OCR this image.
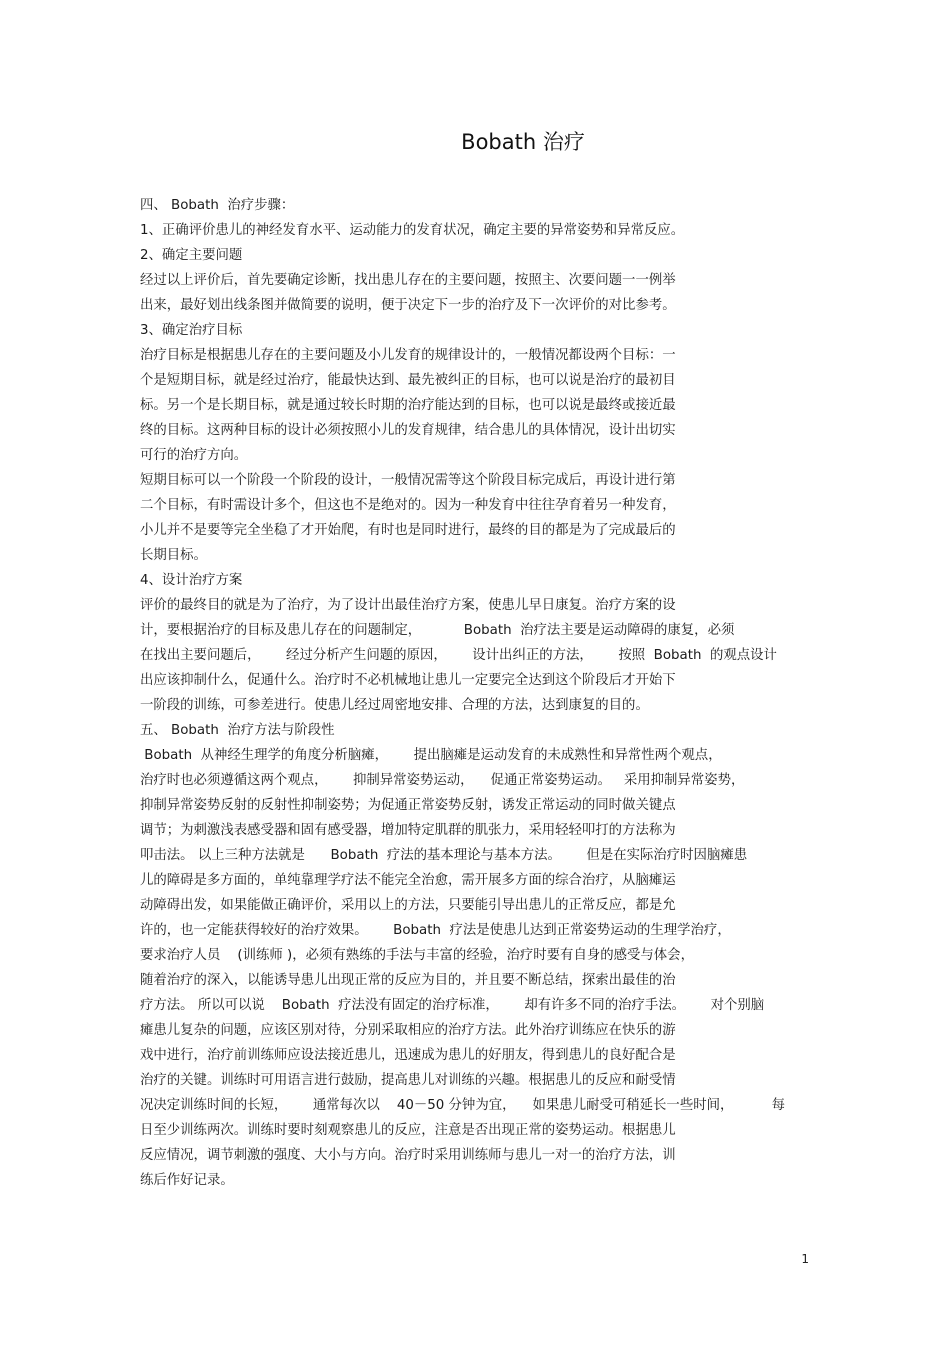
Bobath 治疗
四、 Bobath  治疗步骤：
1、正确评价患儿的神经发育水平、运动能力的发育状况，确定主要的异常姿势和异常反应。
2、确定主要问题
经过以上评价后，首先要确定诊断，找出患儿存在的主要问题，按照主、次要问题一一例举
出来，最好划出线条图并做简要的说明，便于决定下一步的治疗及下一次评价的对比参考。
3、确定治疗目标
治疗目标是根据患儿存在的主要问题及小儿发育的规律设计的，一般情况都设两个目标：一
个是短期目标，就是经过治疗，能最快达到、最先被纠正的目标，也可以说是治疗的最初目
标。另一个是长期目标，就是通过较长时期的治疗能达到的目标，也可以说是最终或接近最
终的目标。这两种目标的设计必须按照小儿的发育规律，结合患儿的具体情况，设计出切实
可行的治疗方向。
短期目标可以一个阶段一个阶段的设计，一般情况需等这个阶段目标完成后，再设计进行第
二个目标，有时需设计多个，但这也不是绝对的。因为一种发育中往往孕育着另一种发育，
小儿并不是要等完全坐稳了才开始爬，有时也是同时进行，最终的目的都是为了完成最后的
长期目标。
4、设计治疗方案
评价的最终目的就是为了治疗，为了设计出最佳治疗方案，使患儿早日康复。治疗方案的设
计，要根据治疗的目标及患儿存在的问题制定，          Bobath  治疗法主要是运动障碍的康复，必须
在找出主要问题后，      经过分析产生问题的原因，      设计出纠正的方法，      按照  Bobath  的观点设计
出应该抑制什么，促通什么。治疗时不必机械地让患儿一定要完全达到这个阶段后才开始下
一阶段的训练，可参差进行。使患儿经过周密地安排、合理的方法，达到康复的目的。
五、 Bobath  治疗方法与阶段性
Bobath  从神经生理学的角度分析脑瘫，      提出脑瘫是运动发育的未成熟性和异常性两个观点，
治疗时也必须遵循这两个观点，      抑制异常姿势运动，    促通正常姿势运动。   采用抑制异常姿势，
抑制异常姿势反射的反射性抑制姿势；为促通正常姿势反射，诱发正常运动的同时做关键点
调节；为刺激浅表感受器和固有感受器，增加特定肌群的肌张力，采用轻轻叩打的方法称为
叩击法。 以上三种方法就是      Bobath  疗法的基本理论与基本方法。      但是在实际治疗时因脑瘫患
儿的障碍是多方面的，单纯靠理学疗法不能完全治愈，需开展多方面的综合治疗，从脑瘫运
动障碍出发，如果能做正确评价，采用以上的方法，只要能引导出患儿的正常反应，都是允
许的，也一定能获得较好的治疗效果。      Bobath  疗法是使患儿达到正常姿势运动的生理学治疗，
要求治疗人员    (训练师 )，必须有熟练的手法与丰富的经验，治疗时要有自身的感受与体会，
随着治疗的深入，以能诱导患儿出现正常的反应为目的，并且要不断总结，探索出最佳的治
疗方法。 所以可以说    Bobath  疗法没有固定的治疗标准，      却有许多不同的治疗手法。      对个别脑
瘫患儿复杂的问题，应该区别对待，分别采取相应的治疗方法。此外治疗训练应在快乐的游
戏中进行，治疗前训练师应设法接近患儿，迅速成为患儿的好朋友，得到患儿的良好配合是
治疗的关键。训练时可用语言进行鼓励，提高患儿对训练的兴趣。根据患儿的反应和耐受情
况决定训练时间的长短，      通常每次以    40－50 分钟为宜，    如果患儿耐受可稍延长一些时间，         每
日至少训练两次。训练时要时刻观察患儿的反应，注意是否出现正常的姿势运动。根据患儿
反应情况，调节刺激的强度、大小与方向。治疗时采用训练师与患儿一对一的治疗方法，训
练后作好记录。
1
